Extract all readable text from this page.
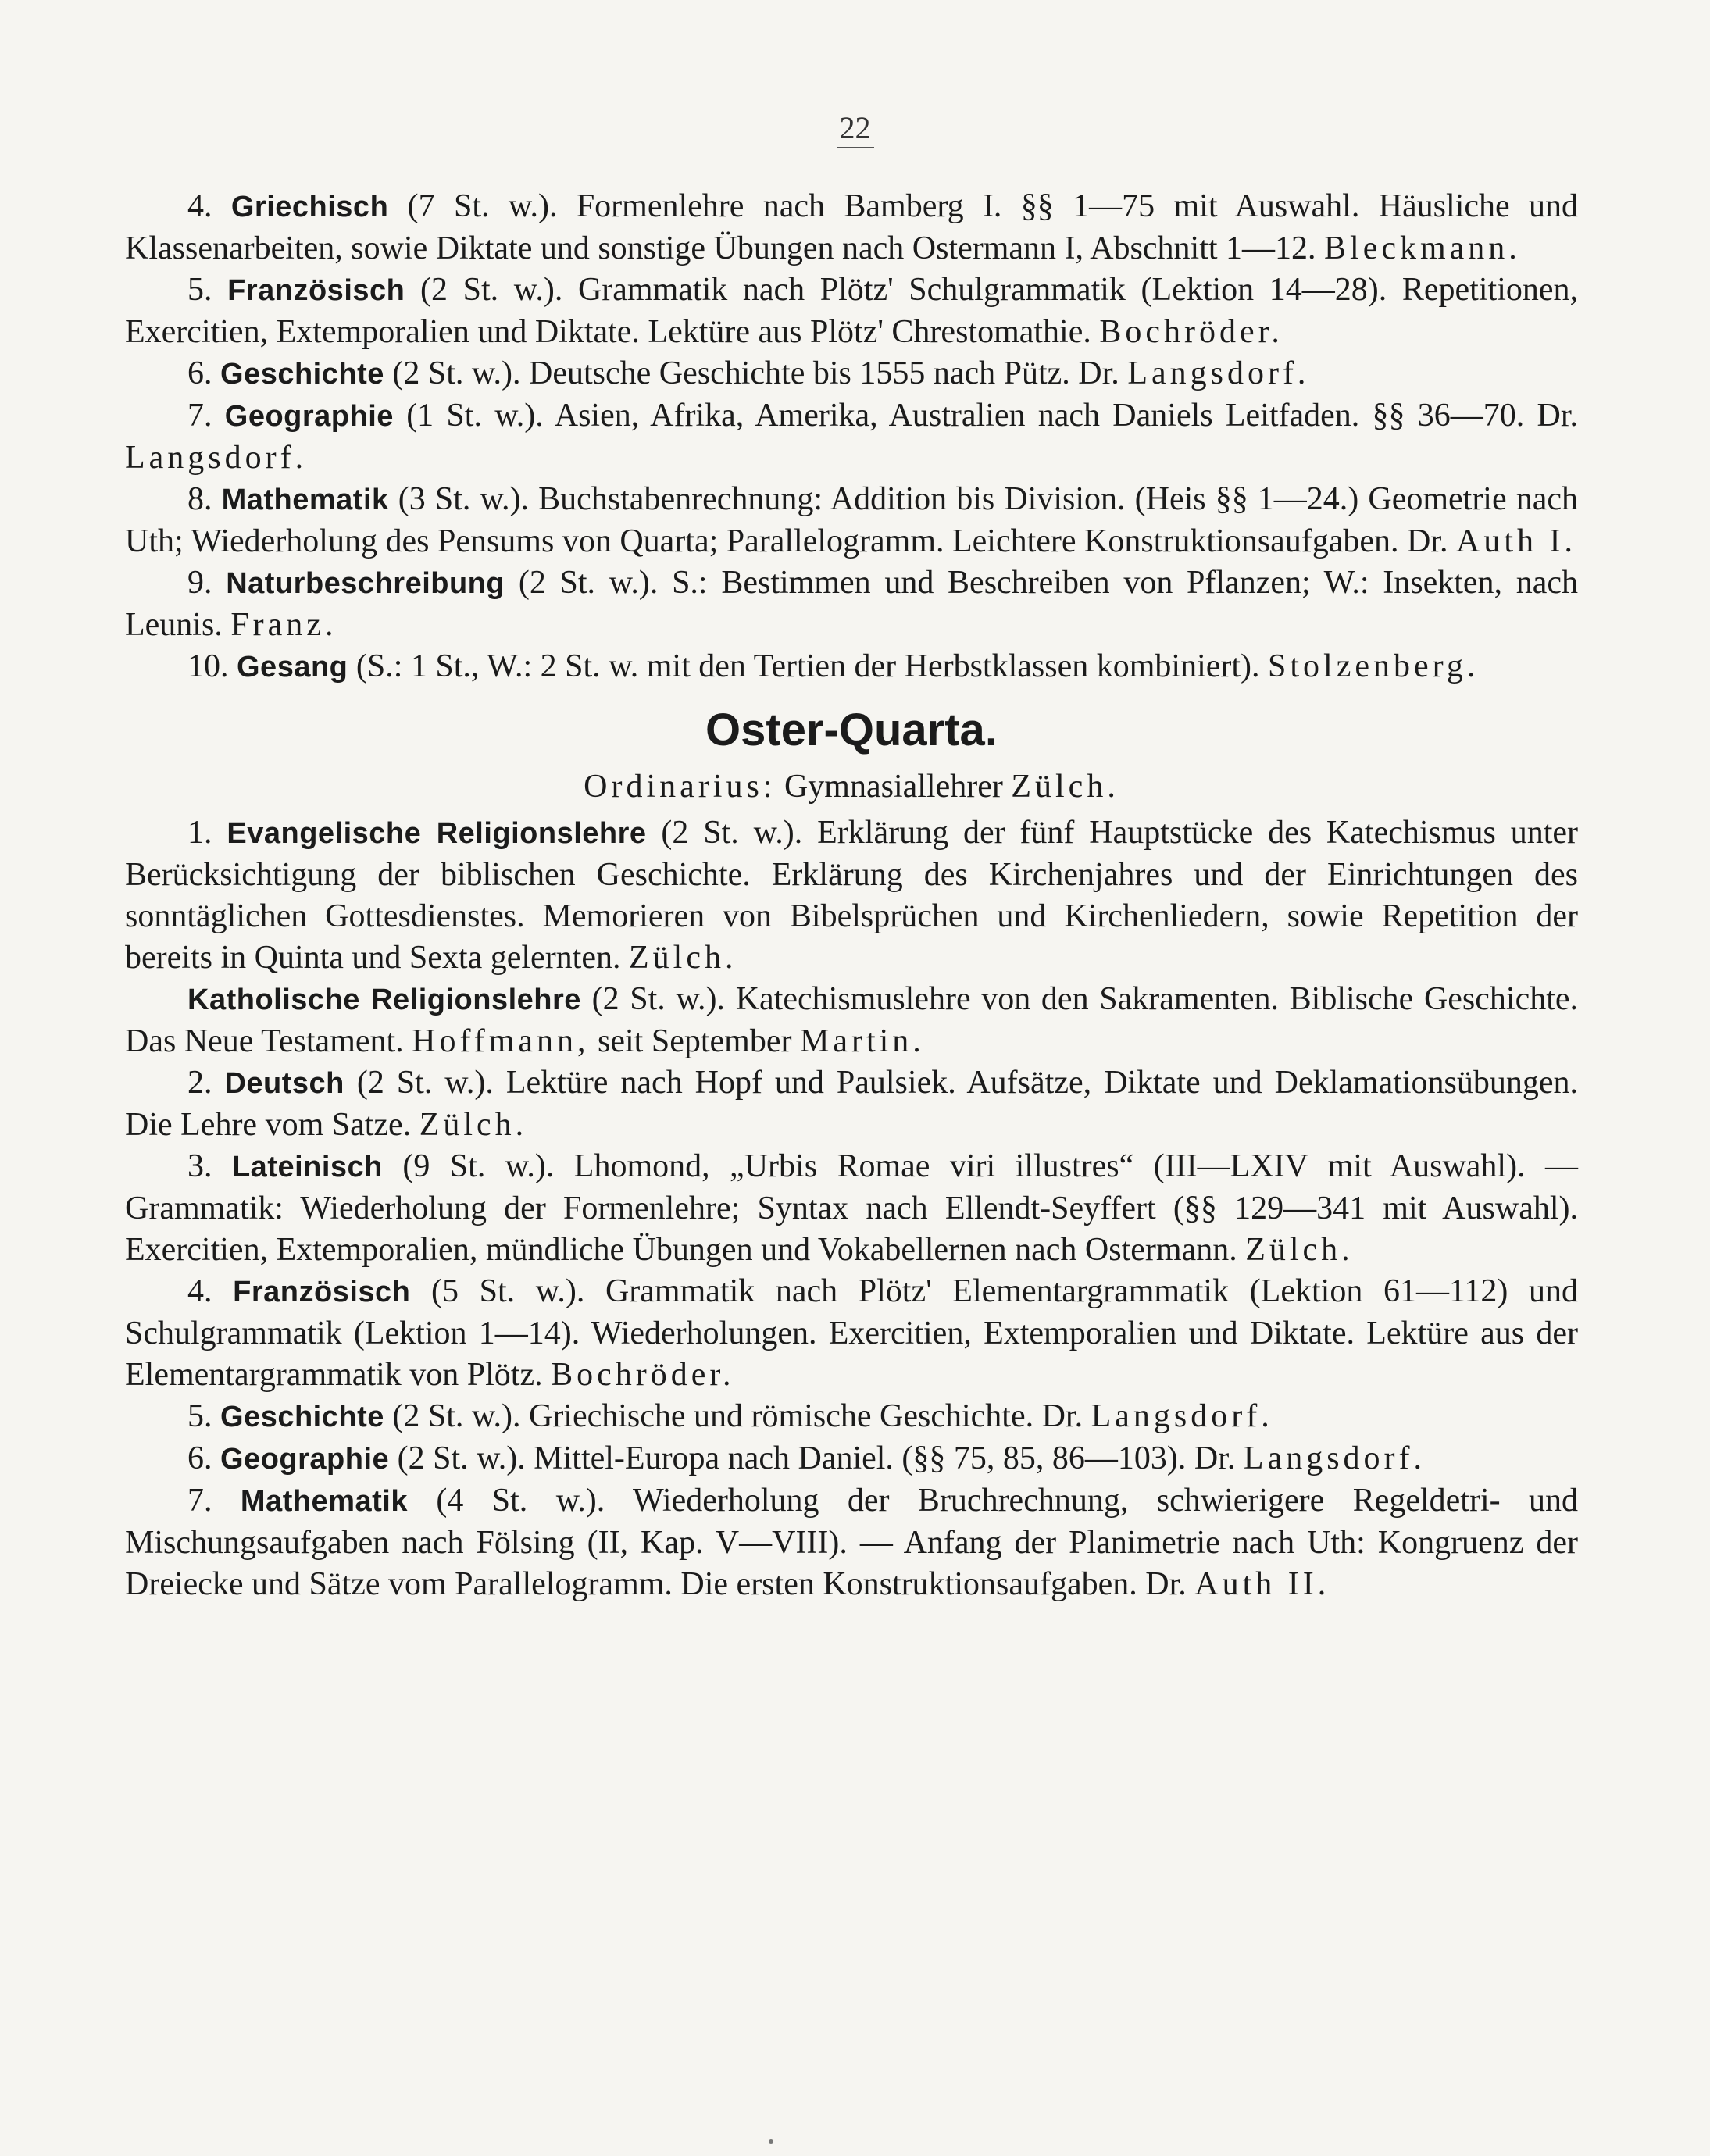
22

4. Griechisch (7 St. w.). Formenlehre nach Bamberg I. §§ 1—75 mit Auswahl. Häusliche und Klassenarbeiten, sowie Diktate und sonstige Übungen nach Ostermann I, Abschnitt 1—12. Bleckmann.

5. Französisch (2 St. w.). Grammatik nach Plötz' Schulgrammatik (Lektion 14—28). Repetitionen, Exercitien, Extemporalien und Diktate. Lektüre aus Plötz' Chrestomathie. Bochröder.

6. Geschichte (2 St. w.). Deutsche Geschichte bis 1555 nach Pütz. Dr. Langsdorf.

7. Geographie (1 St. w.). Asien, Afrika, Amerika, Australien nach Daniels Leitfaden. §§ 36—70. Dr. Langsdorf.

8. Mathematik (3 St. w.). Buchstabenrechnung: Addition bis Division. (Heis §§ 1—24.) Geometrie nach Uth; Wiederholung des Pensums von Quarta; Parallelogramm. Leichtere Konstruktionsaufgaben. Dr. Auth I.

9. Naturbeschreibung (2 St. w.). S.: Bestimmen und Beschreiben von Pflanzen; W.: Insekten, nach Leunis. Franz.

10. Gesang (S.: 1 St., W.: 2 St. w. mit den Tertien der Herbstklassen kombiniert). Stolzenberg.

Oster-Quarta.
Ordinarius: Gymnasiallehrer Zülch.

1. Evangelische Religionslehre (2 St. w.). Erklärung der fünf Hauptstücke des Katechismus unter Berücksichtigung der biblischen Geschichte. Erklärung des Kirchenjahres und der Einrichtungen des sonntäglichen Gottesdienstes. Memorieren von Bibelsprüchen und Kirchenliedern, sowie Repetition der bereits in Quinta und Sexta gelernten. Zülch.

Katholische Religionslehre (2 St. w.). Katechismuslehre von den Sakramenten. Biblische Geschichte. Das Neue Testament. Hoffmann, seit September Martin.

2. Deutsch (2 St. w.). Lektüre nach Hopf und Paulsiek. Aufsätze, Diktate und Deklamationsübungen. Die Lehre vom Satze. Zülch.

3. Lateinisch (9 St. w.). Lhomond, „Urbis Romae viri illustres“ (III—LXIV mit Auswahl). — Grammatik: Wiederholung der Formenlehre; Syntax nach Ellendt-Seyffert (§§ 129—341 mit Auswahl). Exercitien, Extemporalien, mündliche Übungen und Vokabellernen nach Ostermann. Zülch.

4. Französisch (5 St. w.). Grammatik nach Plötz' Elementargrammatik (Lektion 61—112) und Schulgrammatik (Lektion 1—14). Wiederholungen. Exercitien, Extemporalien und Diktate. Lektüre aus der Elementargrammatik von Plötz. Bochröder.

5. Geschichte (2 St. w.). Griechische und römische Geschichte. Dr. Langsdorf.

6. Geographie (2 St. w.). Mittel-Europa nach Daniel. (§§ 75, 85, 86—103). Dr. Langsdorf.

7. Mathematik (4 St. w.). Wiederholung der Bruchrechnung, schwierigere Regeldetri- und Mischungsaufgaben nach Fölsing (II, Kap. V—VIII). — Anfang der Planimetrie nach Uth: Kongruenz der Dreiecke und Sätze vom Parallelogramm. Die ersten Konstruktionsaufgaben. Dr. Auth II.
